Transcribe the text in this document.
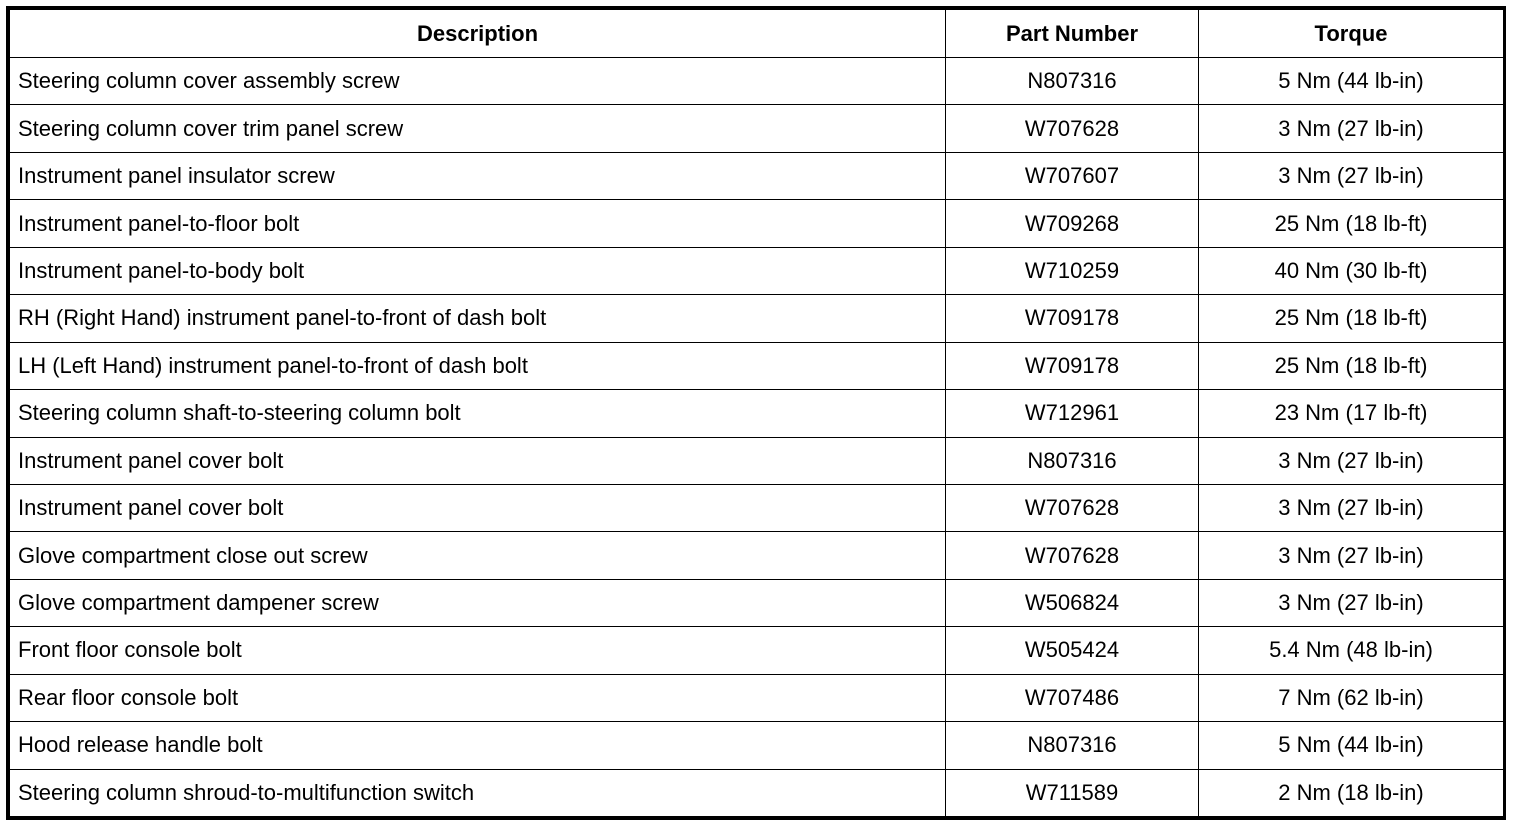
Description	Part Number	Torque
Steering column cover assembly screw	N807316	5 Nm (44 lb-in)
Steering column cover trim panel screw	W707628	3 Nm (27 lb-in)
Instrument panel insulator screw	W707607	3 Nm (27 lb-in)
Instrument panel-to-floor bolt	W709268	25 Nm (18 lb-ft)
Instrument panel-to-body bolt	W710259	40 Nm (30 lb-ft)
RH (Right Hand) instrument panel-to-front of dash bolt	W709178	25 Nm (18 lb-ft)
LH (Left Hand) instrument panel-to-front of dash bolt	W709178	25 Nm (18 lb-ft)
Steering column shaft-to-steering column bolt	W712961	23 Nm (17 lb-ft)
Instrument panel cover bolt	N807316	3 Nm (27 lb-in)
Instrument panel cover bolt	W707628	3 Nm (27 lb-in)
Glove compartment close out screw	W707628	3 Nm (27 lb-in)
Glove compartment dampener screw	W506824	3 Nm (27 lb-in)
Front floor console bolt	W505424	5.4 Nm (48 lb-in)
Rear floor console bolt	W707486	7 Nm (62 lb-in)
Hood release handle bolt	N807316	5 Nm (44 lb-in)
Steering column shroud-to-multifunction switch	W711589	2 Nm (18 lb-in)
